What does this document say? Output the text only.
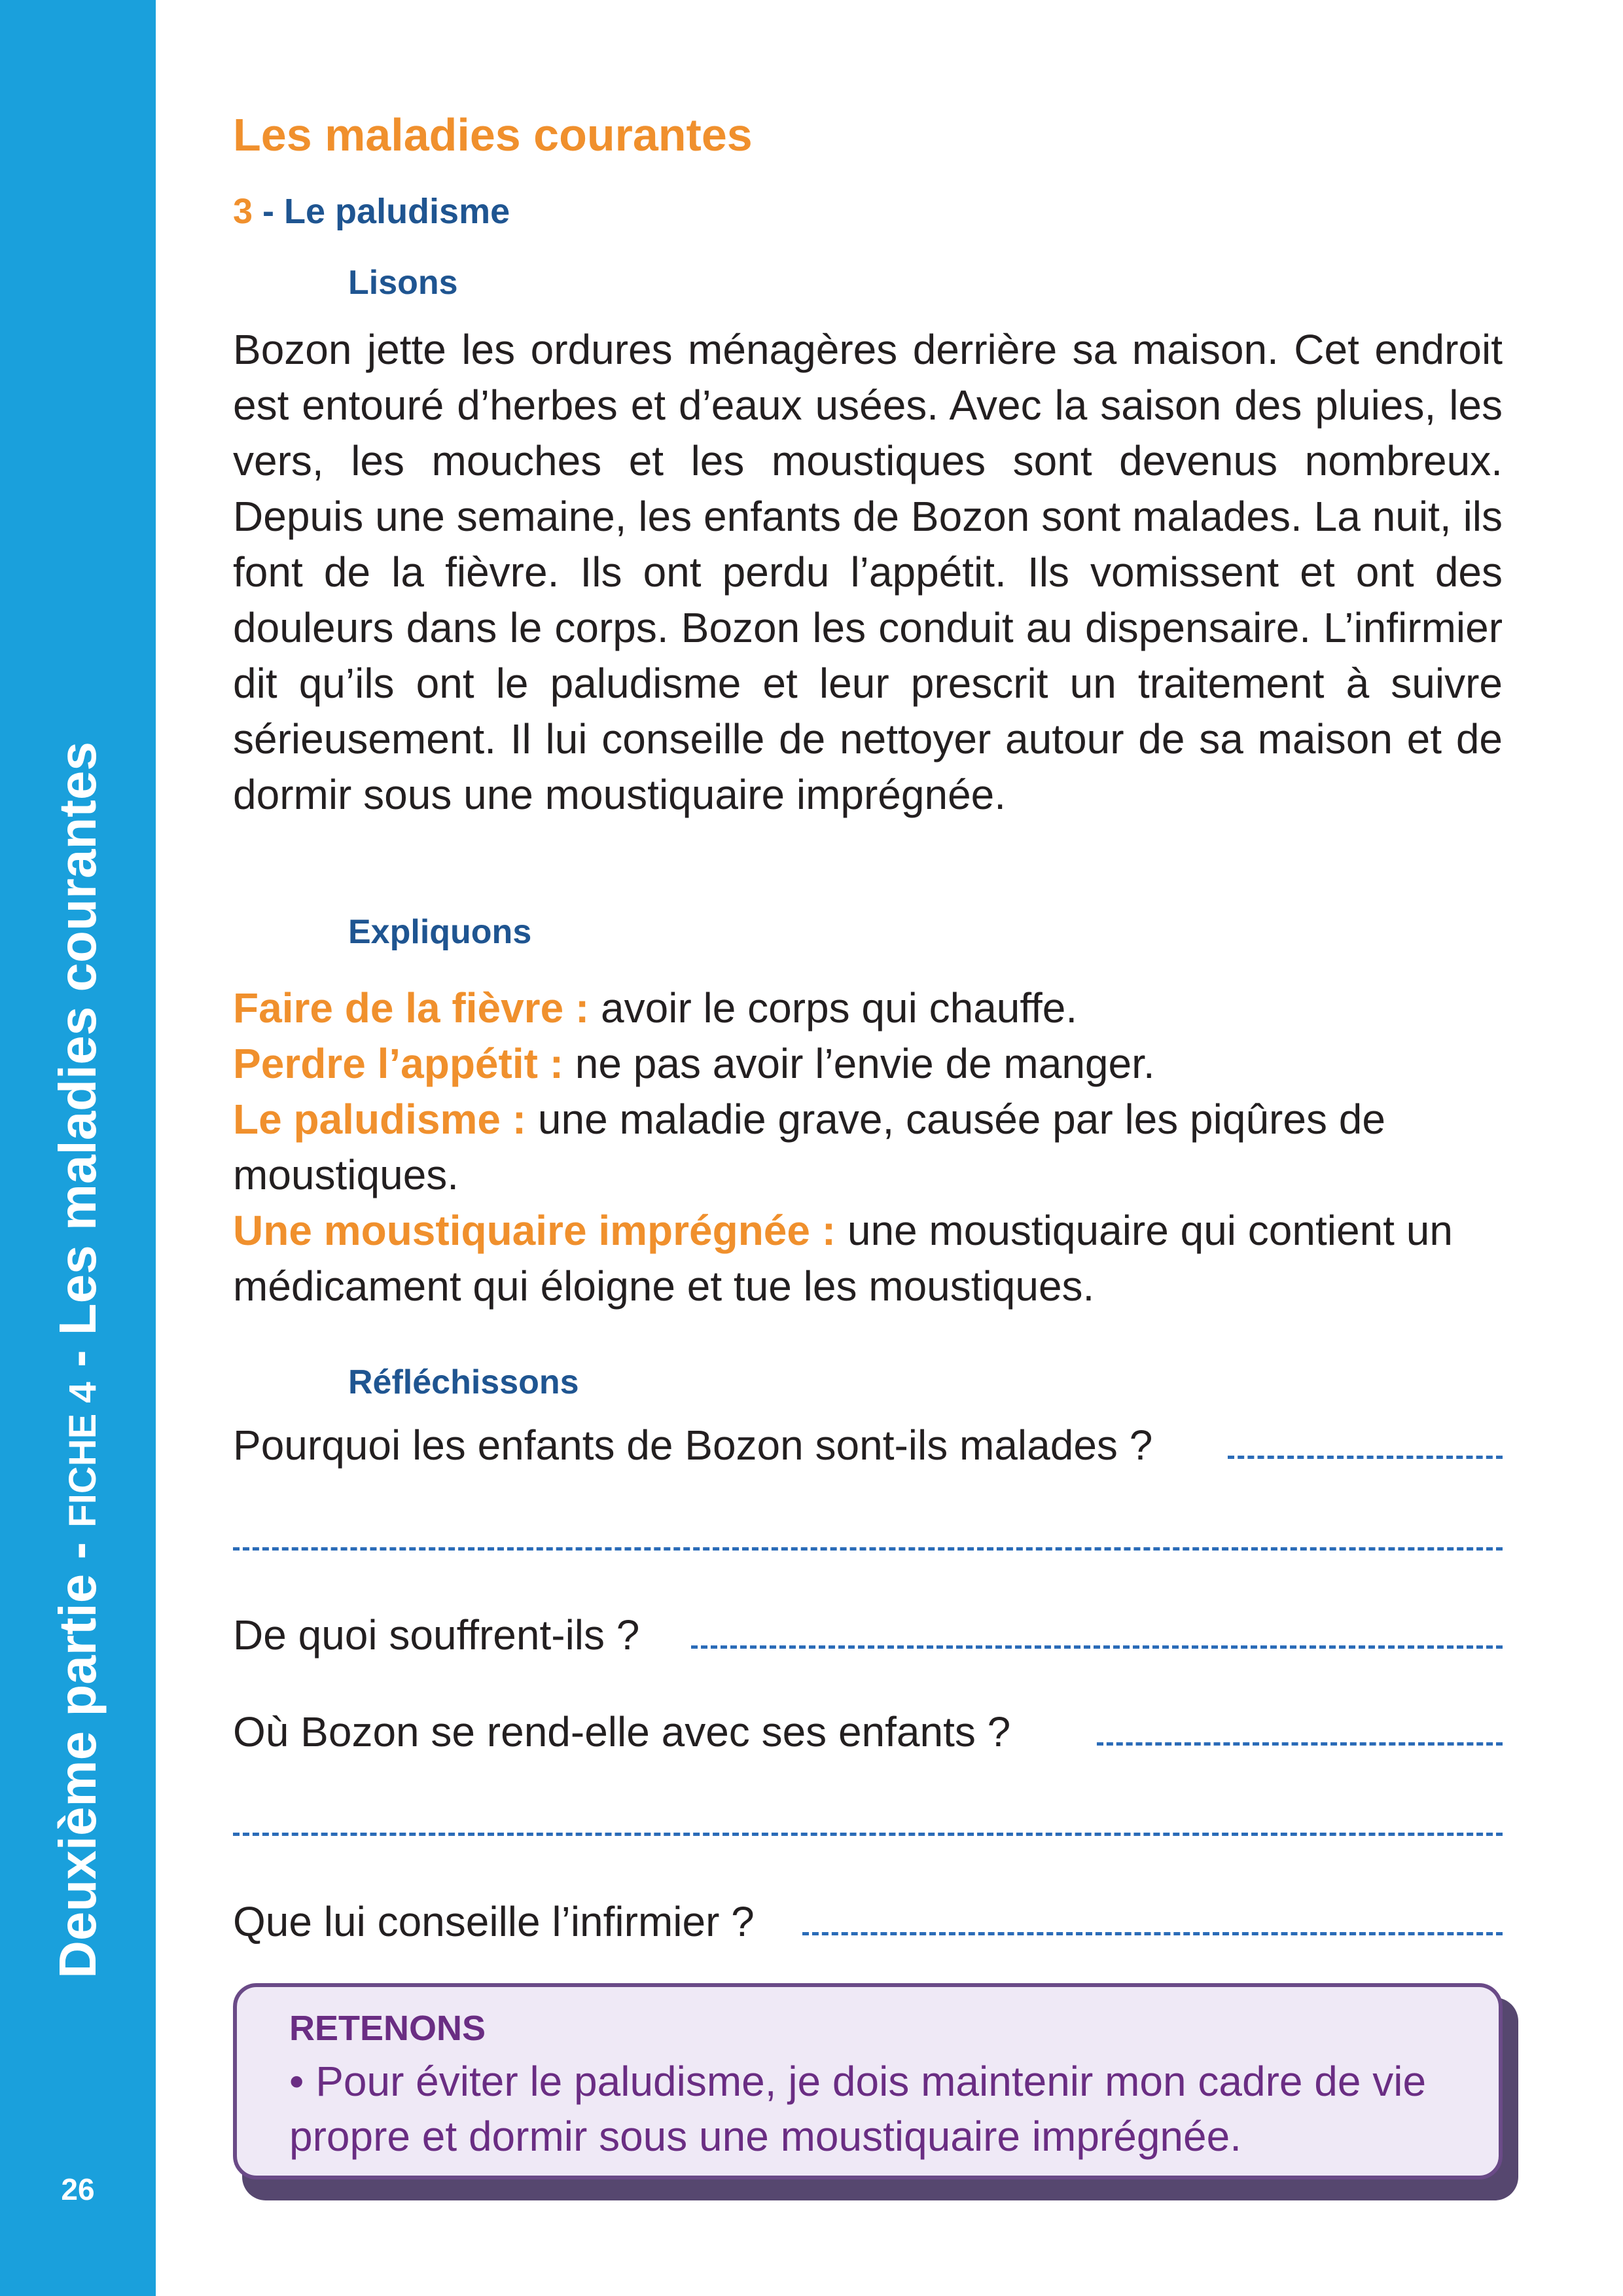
Deuxième partie - FICHE 4 - Les maladies courantes
26
Les maladies courantes
3 - Le paludisme
Lisons

Bozon jette les ordures ménagères derrière sa maison. Cet endroit est entouré d’herbes et d’eaux usées. Avec la saison des pluies, les vers, les mouches et les moustiques sont devenus nombreux. Depuis une semaine, les enfants de Bozon sont malades. La nuit, ils font de la fièvre. Ils ont perdu l’appétit. Ils vomissent et ont des douleurs dans le corps. Bozon les conduit au dispensaire. L’infirmier dit qu’ils ont le paludisme et leur prescrit un traitement à suivre sérieusement. Il lui conseille de nettoyer autour de sa maison et de dormir sous une moustiquaire imprégnée.

Expliquons
Faire de la fièvre : avoir le corps qui chauffe.
Perdre l’appétit : ne pas avoir l’envie de manger.
Le paludisme : une maladie grave, causée par les piqûres de moustiques.
Une moustiquaire imprégnée : une moustiquaire qui contient un médicament qui éloigne et tue les moustiques.
Réfléchissons
Pourquoi les enfants de Bozon sont-ils malades ?
De quoi souffrent-ils ?
Où Bozon se rend-elle avec ses enfants ?
Que lui conseille l’infirmier ?
RETENONS
• Pour éviter le paludisme, je dois maintenir mon cadre de vie propre et dormir sous une moustiquaire imprégnée.
